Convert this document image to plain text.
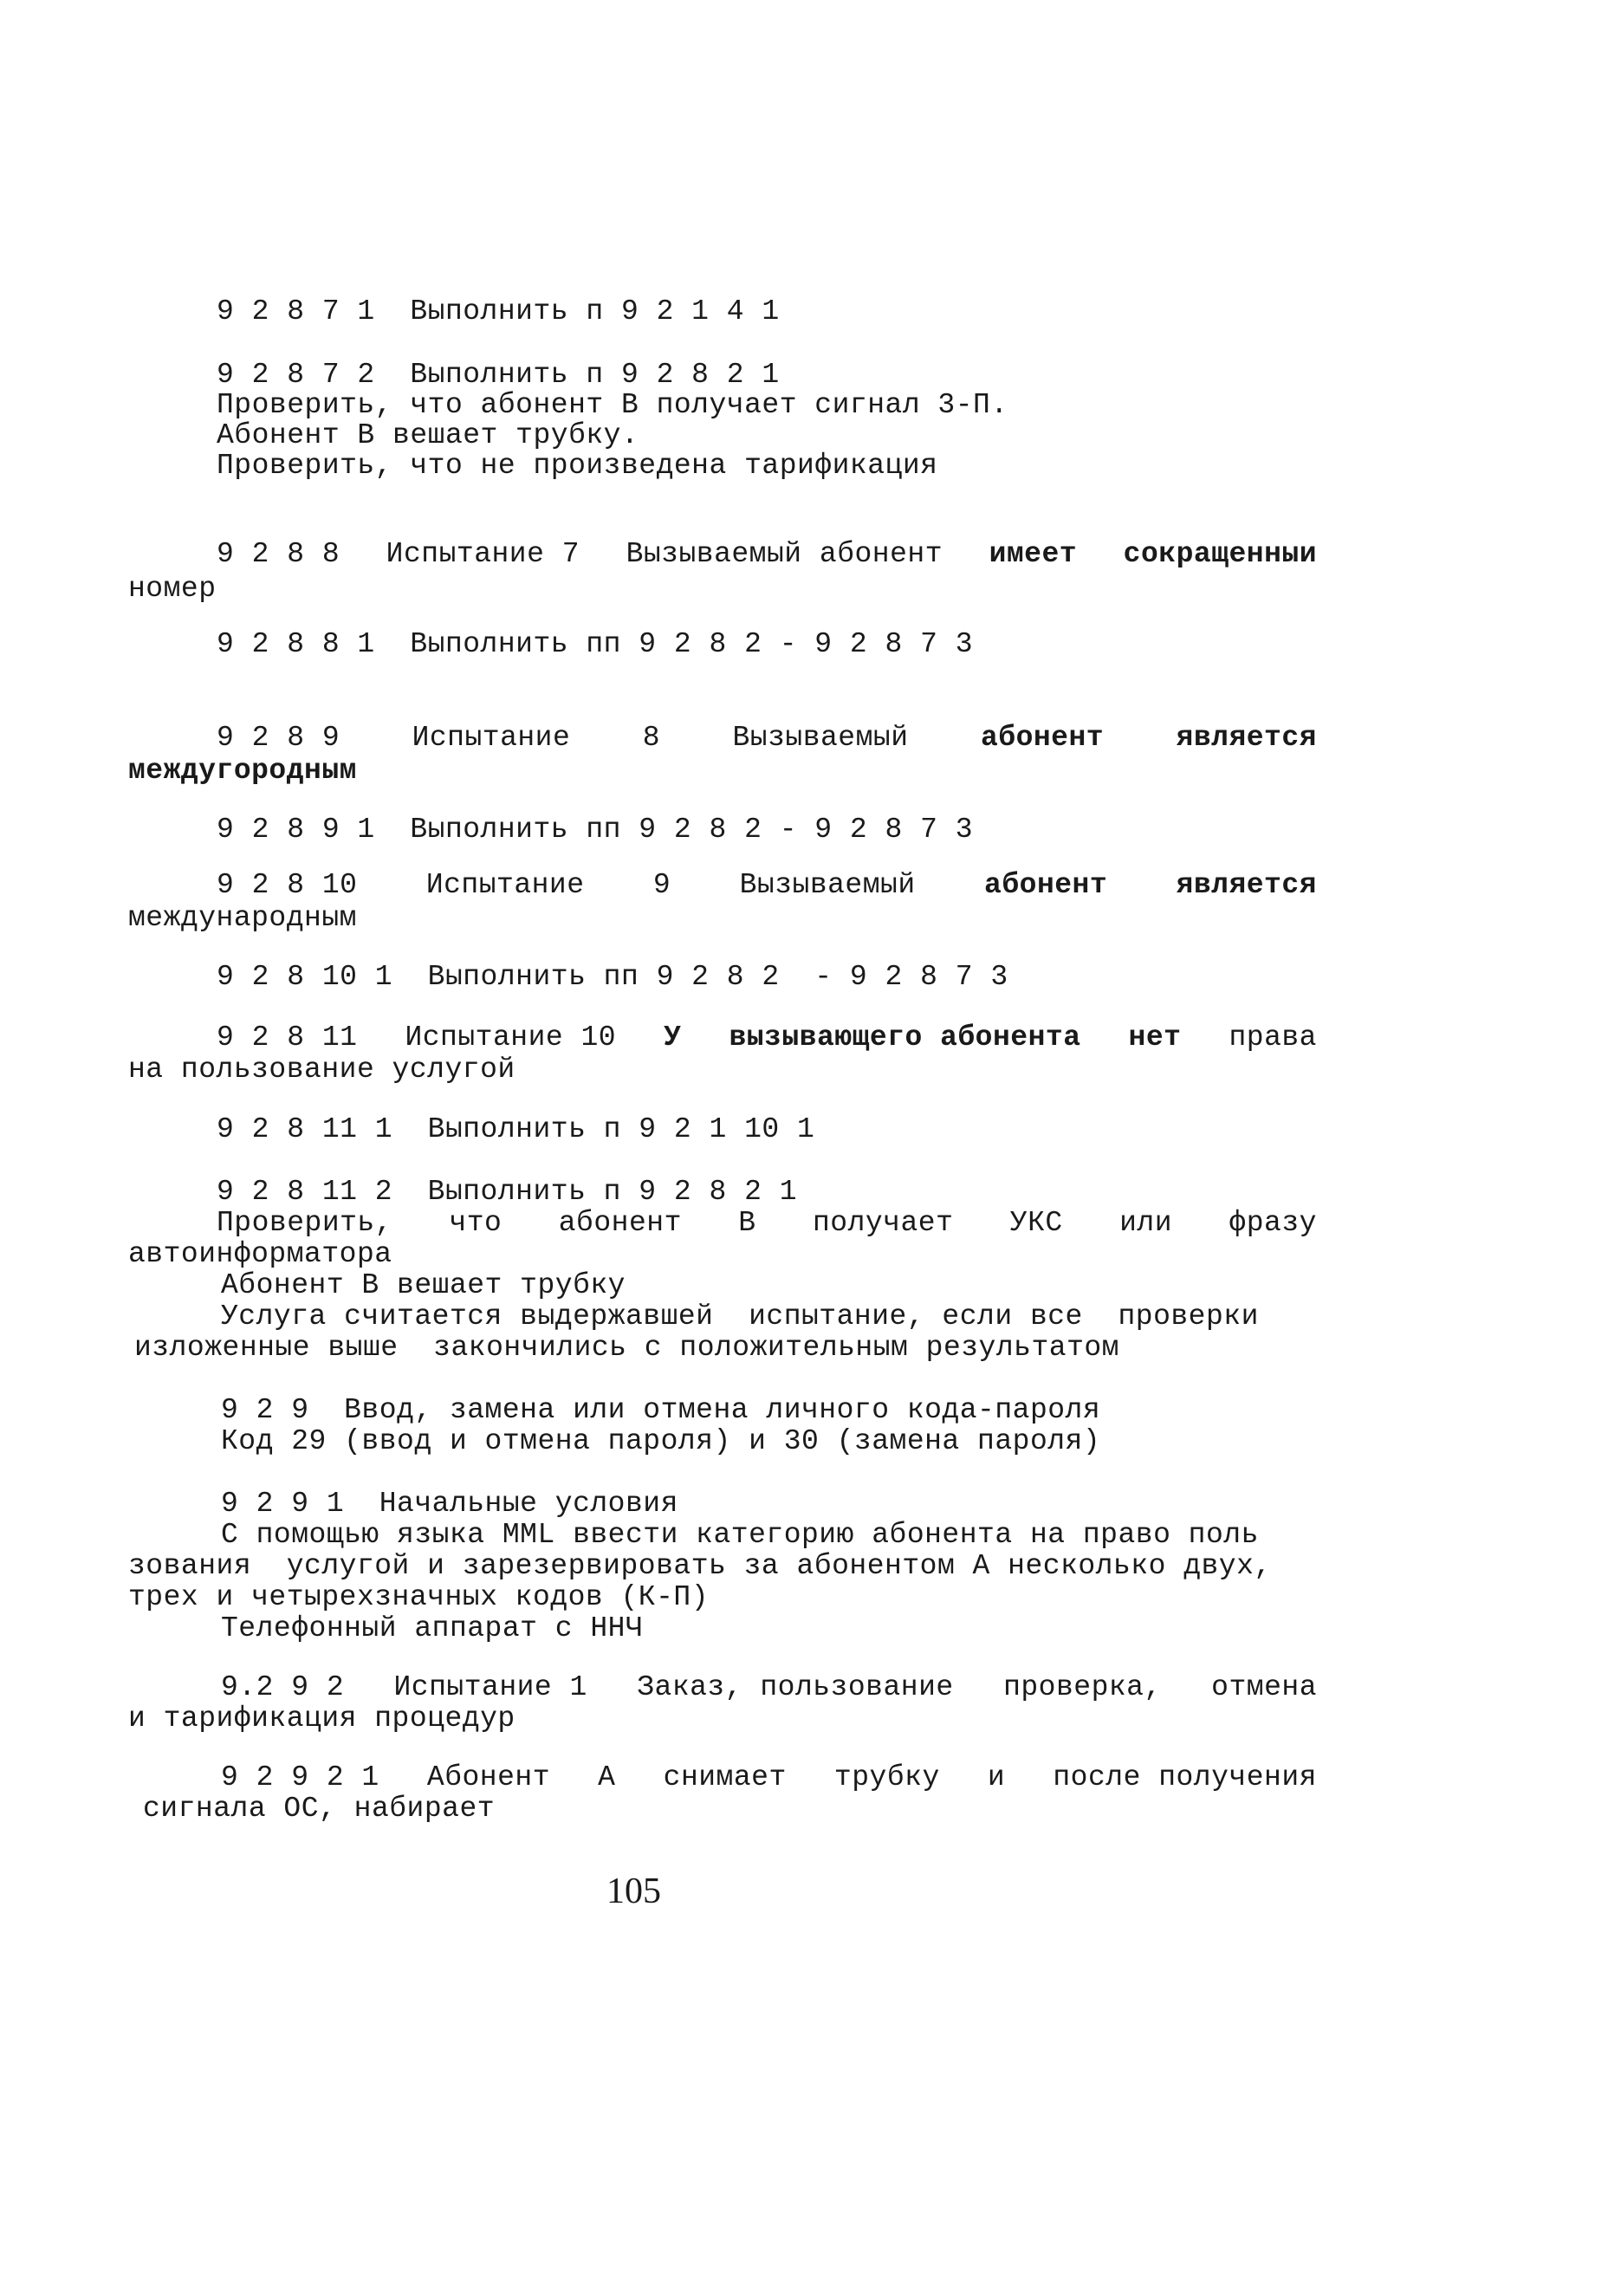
9 2 8 7 1  Выполнить п 9 2 1 4 1

9 2 8 7 2  Выполнить п 9 2 8 2 1

Проверить, что абонент В получает сигнал 3-П.

Абонент В вешает трубку.

Проверить, что не произведена тарификация

9 2 8 8 Испытание 7 Вызываемый абонент имеет сокращенныи

номер

9 2 8 8 1  Выполнить пп 9 2 8 2 - 9 2 8 7 3

9 2 8 9	Испытание	8	Вызываемый	абонент	является

междугородным

9 2 8 9 1  Выполнить пп 9 2 8 2 - 9 2 8 7 3

9 2 8 10 Испытание 9 Вызываемый абонент является

международным

9 2 8 10 1  Выполнить пп 9 2 8 2  - 9 2 8 7 3

9 2 8 11 Испытание 10 У вызывающего абонента нет права

на пользование услугой

9 2 8 11 1  Выполнить п 9 2 1 10 1

9 2 8 11 2  Выполнить п 9 2 8 2 1

Проверить, что абонент В получает УКС или фразу

автоинформатора

Абонент В вешает трубку

Услуга считается выдержавшей  испытание, если все  проверки

изложенные выше  закончились с положительным результатом

9 2 9  Ввод, замена или отмена личного кода-пароля

Код 29 (ввод и отмена пароля) и 30 (замена пароля)

9 2 9 1  Начальные условия

С помощью языка MML ввести категорию абонента на право поль

зования  услугой и зарезервировать за абонентом А несколько двух,

трех и четырехзначных кодов (К-П)

Телефонный аппарат с ННЧ

9.2 9 2 Испытание 1 Заказ, пользование проверка, отмена

и тарификация процедур

9 2 9 2 1 Абонент А снимает трубку и после получения

сигнала ОС, набирает

105
